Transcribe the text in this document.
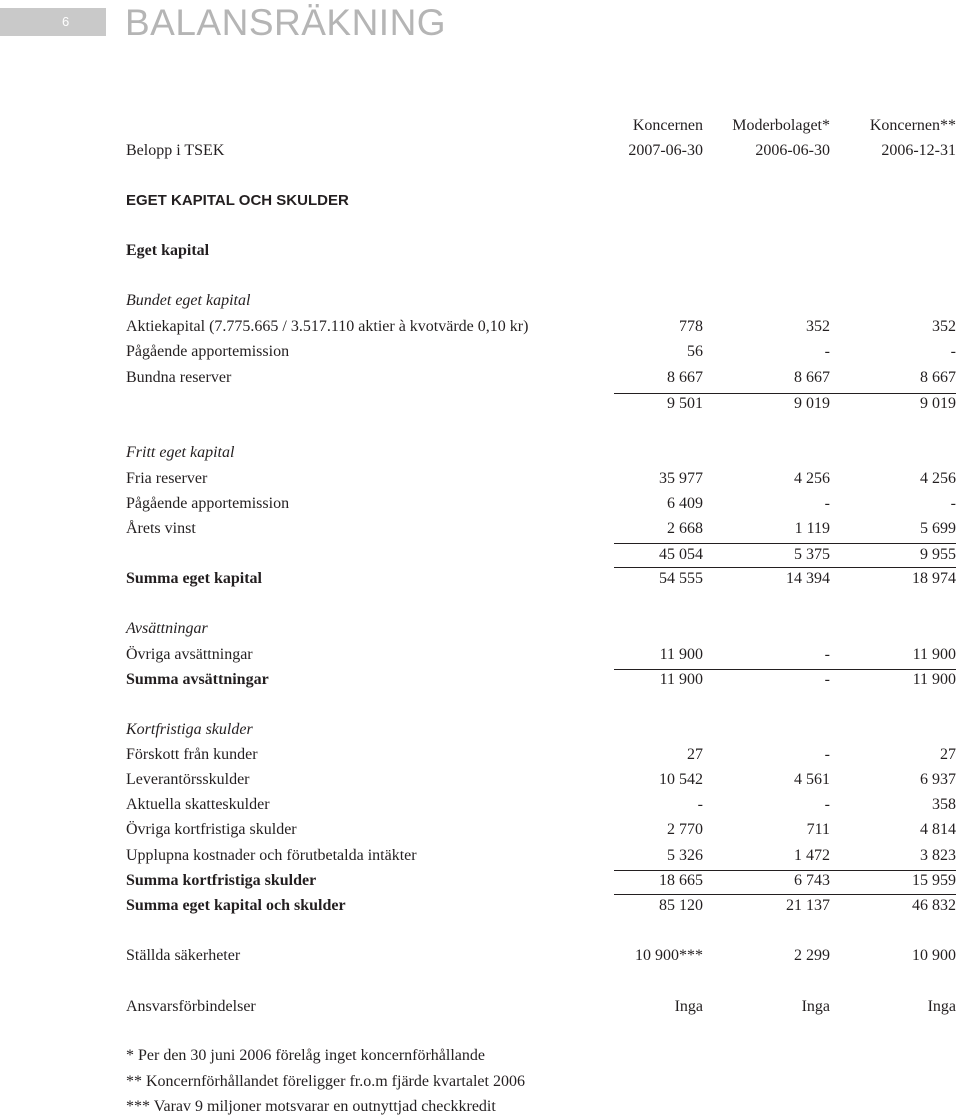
6	BALANSRÄKNING
Koncernen Moderbolaget* Koncernen**
Belopp i TSEK	2007-06-30	2006-06-30	2006-12-31
EGET KAPITAL OCH SKULDER
Eget kapital
Bundet eget kapital
Aktiekapital (7.775.665 / 3.517.110 aktier à kvotvärde 0,10 kr)	778	352	352
Pågående apportemission	56	-	-
Bundna reserver	8 667	8 667	8 667
9 501	9 019	9 019
Fritt eget kapital
Fria reserver	35 977	4 256	4 256
Pågående apportemission	6 409	-	-
Årets vinst	2 668	1 119	5 699
45 054	5 375	9 955
Summa eget kapital	54 555	14 394	18 974
Avsättningar
Övriga avsättningar	11 900	-	11 900
Summa avsättningar	11 900	-	11 900
Kortfristiga skulder
Förskott från kunder	27	-	27
Leverantörsskulder	10 542	4 561	6 937
Aktuella skatteskulder	-	-	358
Övriga kortfristiga skulder	2 770	711	4 814
Upplupna kostnader och förutbetalda intäkter	5 326	1 472	3 823
Summa kortfristiga skulder	18 665	6 743	15 959
Summa eget kapital och skulder	85 120	21 137	46 832
Ställda säkerheter	10 900***	2 299	10 900
Ansvarsförbindelser	Inga	Inga	Inga
* Per den 30 juni 2006 förelåg inget koncernförhållande
** Koncernförhållandet föreligger fr.o.m fjärde kvartalet 2006
*** Varav 9 miljoner motsvarar en outnyttjad checkkredit
